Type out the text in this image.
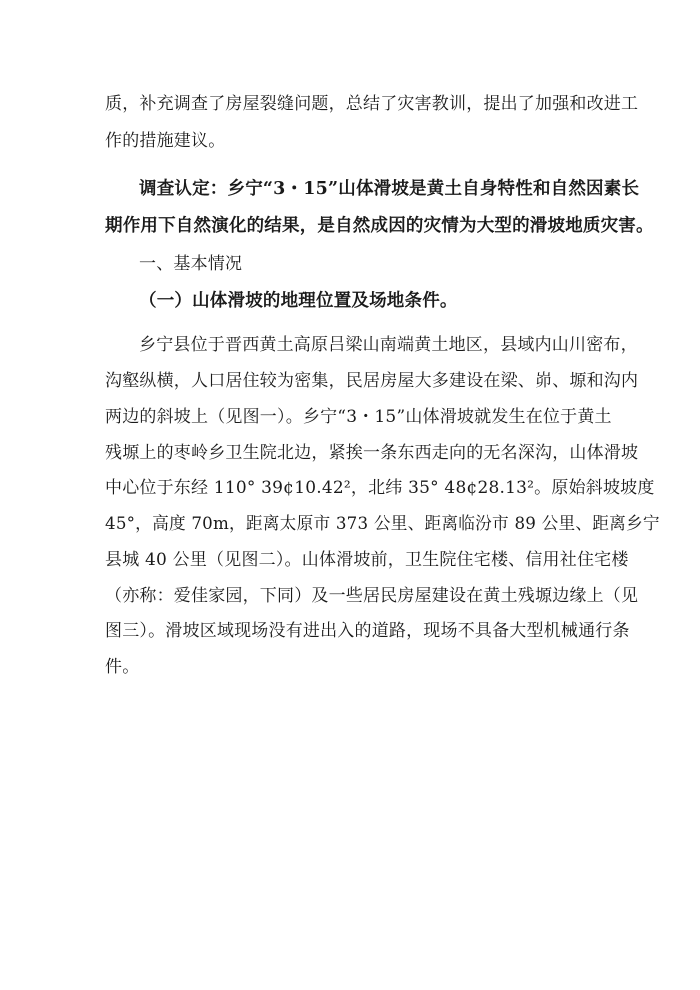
质，补充调查了房屋裂缝问题，总结了灾害教训，提出了加强和改进工
作的措施建议。
调查认定：乡宁“3・15”山体滑坡是黄土自身特性和自然因素长
期作用下自然演化的结果，是自然成因的灾情为大型的滑坡地质灾害。
一、基本情况
（一）山体滑坡的地理位置及场地条件。
乡宁县位于晋西黄土高原吕梁山南端黄土地区，县域内山川密布，
沟壑纵横，人口居住较为密集，民居房屋大多建设在梁、峁、塬和沟内
两边的斜坡上（见图一）。乡宁“3・15”山体滑坡就发生在位于黄土
残塬上的枣岭乡卫生院北边，紧挨一条东西走向的无名深沟，山体滑坡
中心位于东经 110° 39¢10.42²，北纬 35° 48¢28.13²。原始斜坡坡度
45°，高度 70m，距离太原市 373 公里、距离临汾市 89 公里、距离乡宁
县城 40 公里（见图二）。山体滑坡前，卫生院住宅楼、信用社住宅楼
（亦称：爱佳家园，下同）及一些居民房屋建设在黄土残塬边缘上（见
图三）。滑坡区域现场没有进出入的道路，现场不具备大型机械通行条
件。
